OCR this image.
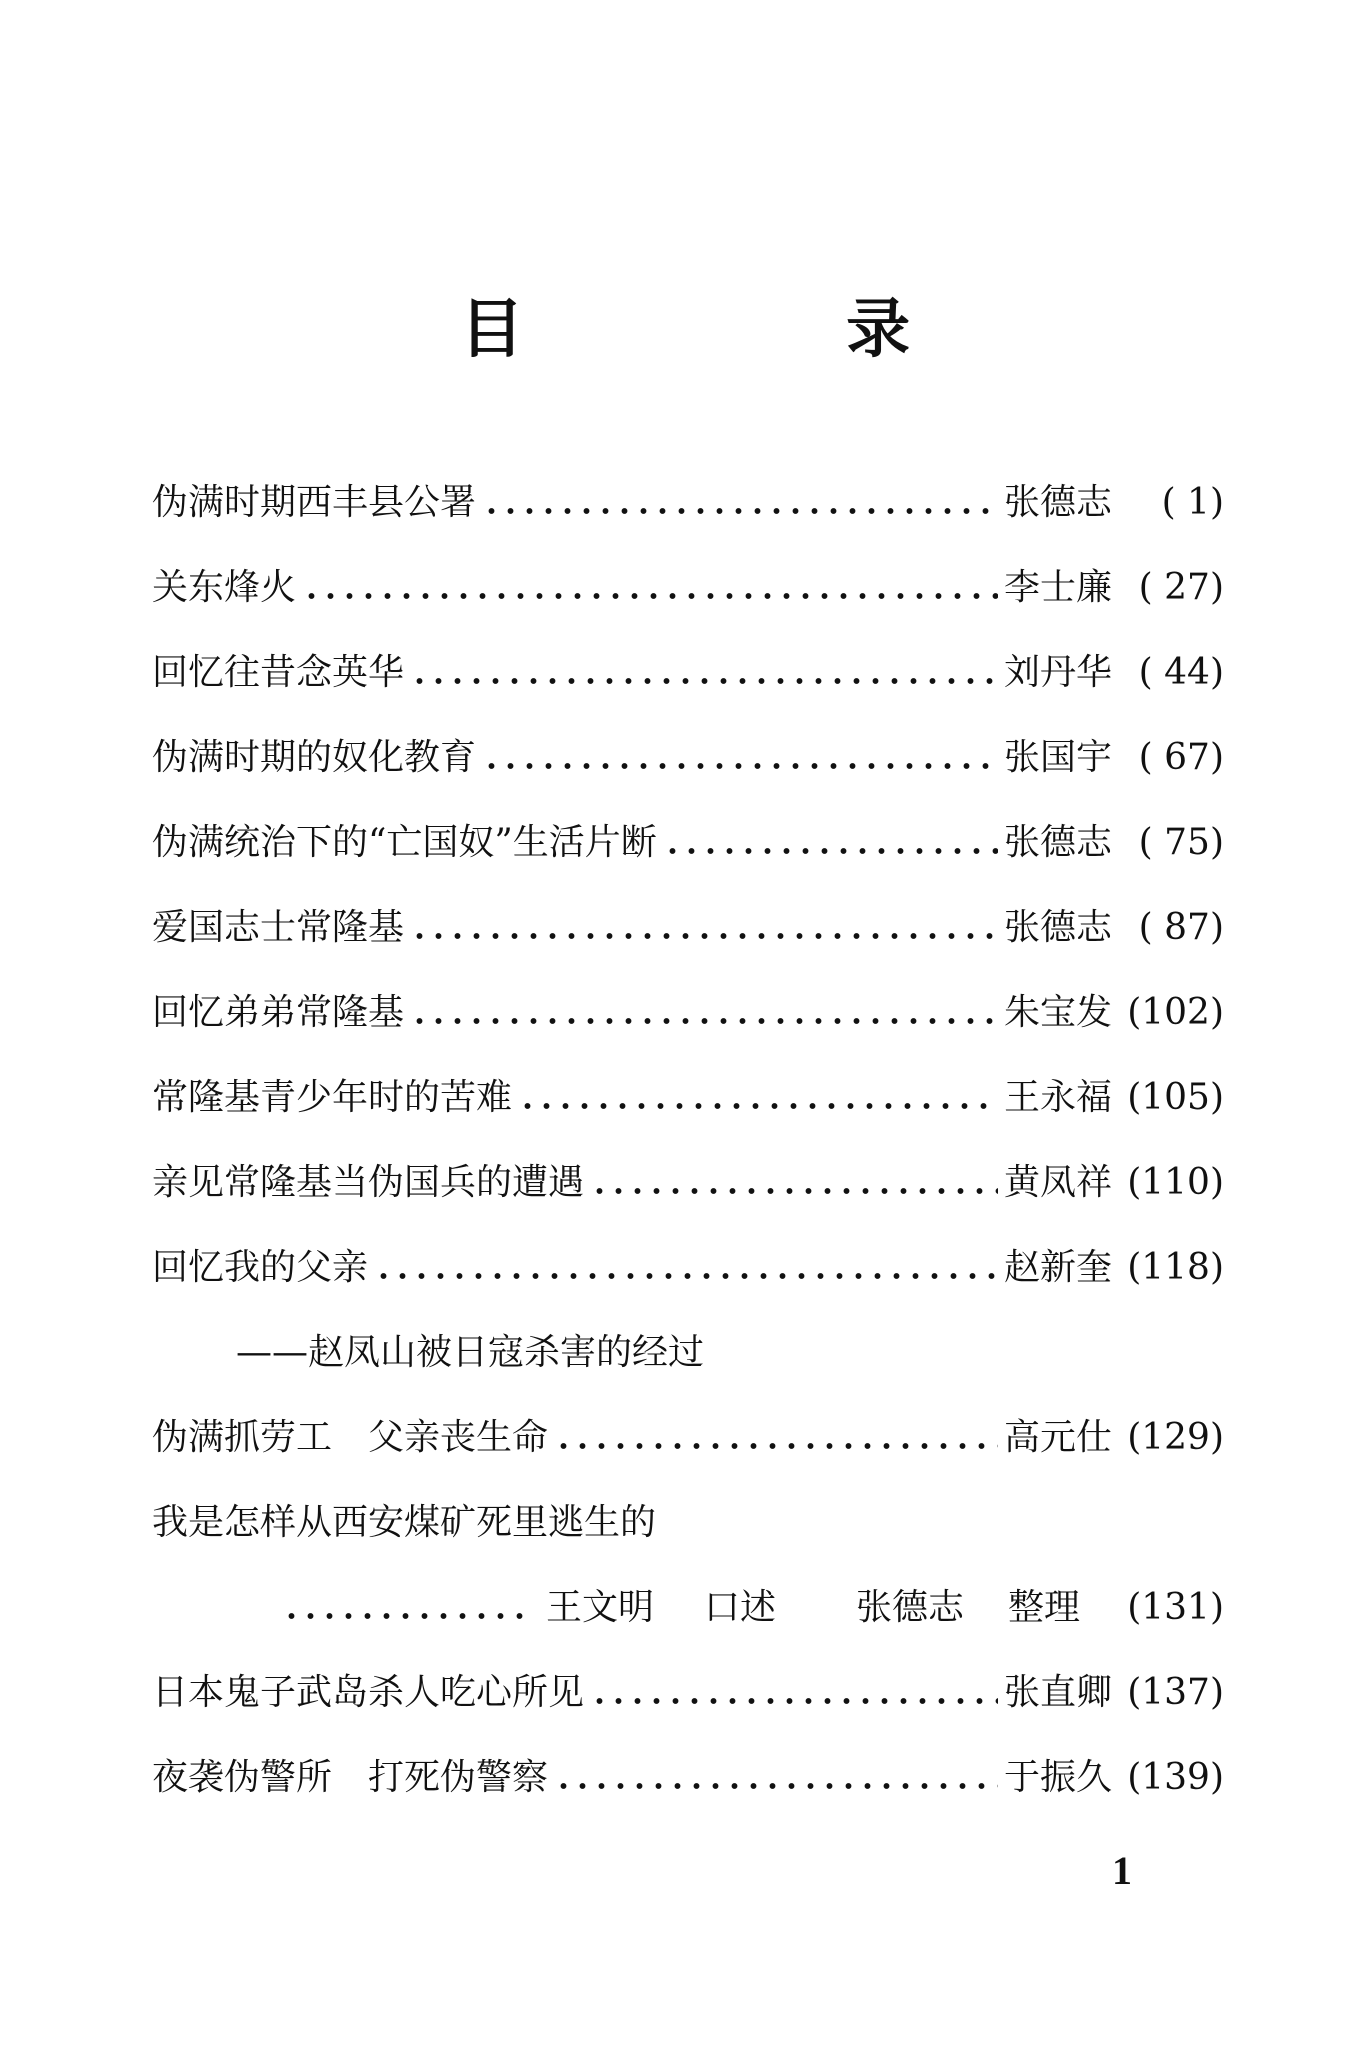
目 录
伪满时期西丰县公署	张德志	( 1)
关东烽火	李士廉 ( 27)
回忆往昔念英华	刘丹华 ( 44)
伪满时期的奴化教育	张国宇 ( 67)
伪满统治下的“亡国奴”生活片断	张德志 ( 75)
爱国志士常隆基	张德志 ( 87)
回忆弟弟常隆基	朱宝发 (102)
常隆基青少年时的苦难	王永福 (105)
亲见常隆基当伪国兵的遭遇	黄凤祥 (110)
回忆我的父亲	赵新奎 (118)
——赵凤山被日寇杀害的经过
伪满抓劳工　父亲丧生命	高元仕 (129)
我是怎样从西安煤矿死里逃生的
王文明 口述 张德志 整理	(131)
日本鬼子武岛杀人吃心所见	张直卿 (137)
夜袭伪警所　打死伪警察	于振久 (139)
1
